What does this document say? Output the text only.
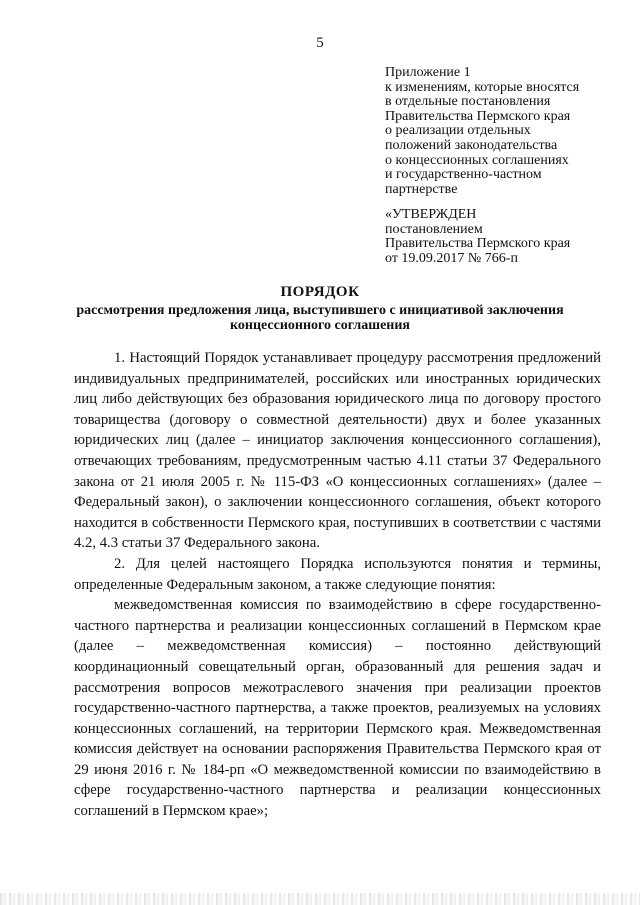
5
Приложение 1
к изменениям, которые вносятся
в отдельные постановления
Правительства Пермского края
о реализации отдельных
положений законодательства
о концессионных соглашениях
и государственно-частном
партнерстве
«УТВЕРЖДЕН
постановлением
Правительства Пермского края
от 19.09.2017 № 766-п
ПОРЯДОК
рассмотрения предложения лица, выступившего с инициативой заключения концессионного соглашения

1. Настоящий Порядок устанавливает процедуру рассмотрения предложений индивидуальных предпринимателей, российских или иностранных юридических лиц либо действующих без образования юридического лица по договору простого товарищества (договору о совместной деятельности) двух и более указанных юридических лиц (далее – инициатор заключения концессионного соглашения), отвечающих требованиям, предусмотренным частью 4.11 статьи 37 Федерального закона от 21 июля 2005 г. № 115-ФЗ «О концессионных соглашениях» (далее – Федеральный закон), о заключении концессионного соглашения, объект которого находится в собственности Пермского края, поступивших в соответствии с частями 4.2, 4.3 статьи 37 Федерального закона.

2. Для целей настоящего Порядка используются понятия и термины, определенные Федеральным законом, а также следующие понятия:

межведомственная комиссия по взаимодействию в сфере государственно-частного партнерства и реализации концессионных соглашений в Пермском крае (далее – межведомственная комиссия) – постоянно действующий координационный совещательный орган, образованный для решения задач и рассмотрения вопросов межотраслевого значения при реализации проектов государственно-частного партнерства, а также проектов, реализуемых на условиях концессионных соглашений, на территории Пермского края. Межведомственная комиссия действует на основании распоряжения Правительства Пермского края от 29 июня 2016 г. № 184-рп «О межведомственной комиссии по взаимодействию в сфере государственно-частного партнерства и реализации концессионных соглашений в Пермском крае»;
